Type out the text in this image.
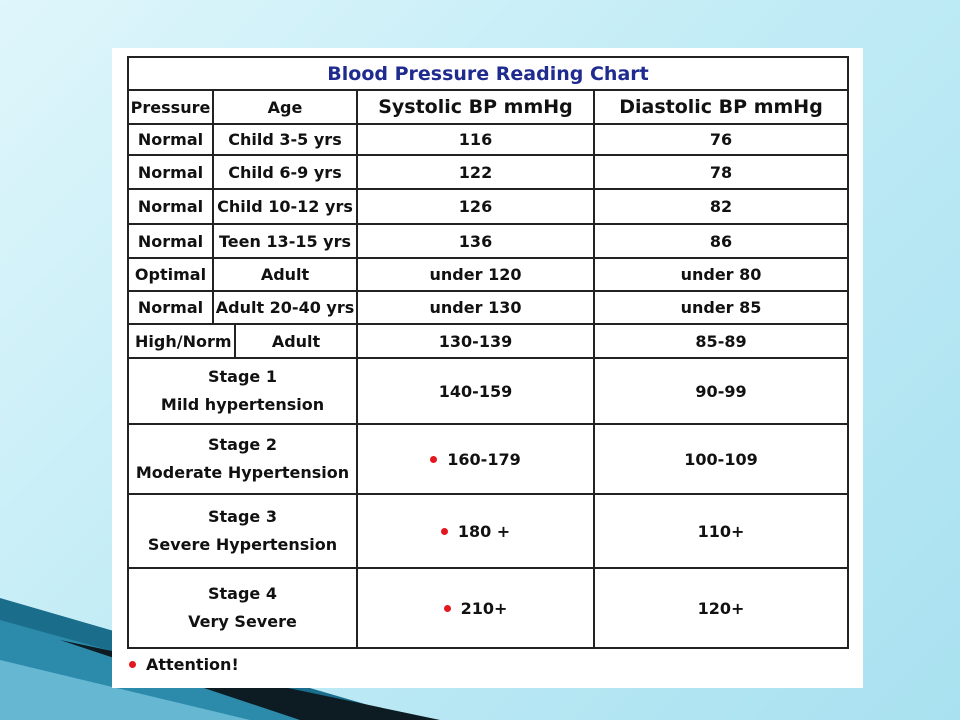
Blood Pressure Reading Chart				
Pressure	Age		Systolic BP mmHg	Diastolic BP mmHg
Normal	Child 3-5 yrs		116	76
Normal	Child 6-9 yrs		122	78
Normal	Child 10-12 yrs		126	82
Normal	Teen 13-15 yrs		136	86
Optimal	Adult		under 120	under 80
Normal	Adult 20-40 yrs		under 130	under 85
High/Norm		Adult	130-139	85-89

Stage 1
Mild hypertension			140-159	90-99

Stage 2
Moderate Hypertension			160-179	100-109

Stage 3
Severe Hypertension			180 +	110+

Stage 4
Very Severe			210+	120+
Attention!
